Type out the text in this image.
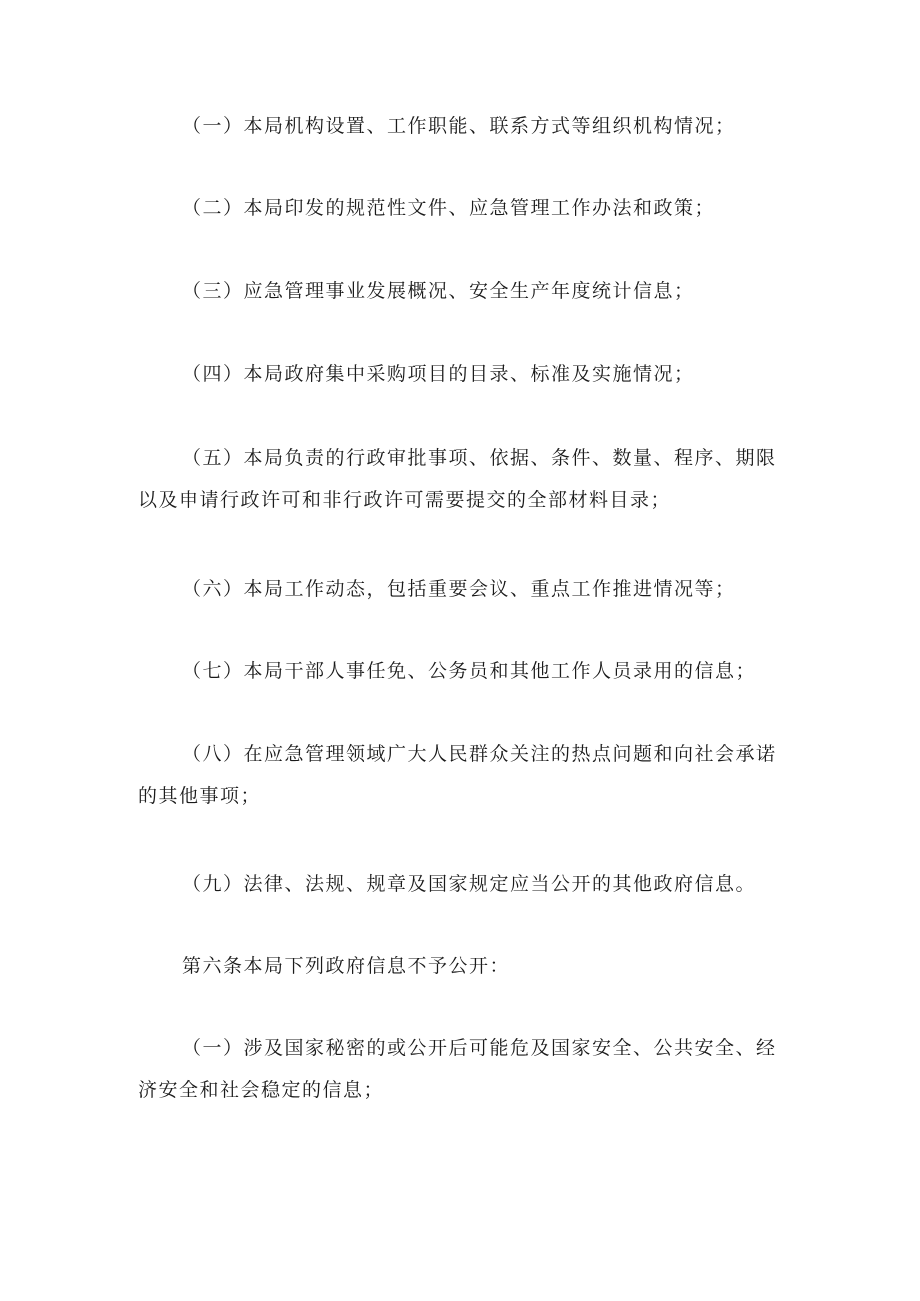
（一）本局机构设置、工作职能、联系方式等组织机构情况；

（二）本局印发的规范性文件、应急管理工作办法和政策；

（三）应急管理事业发展概况、安全生产年度统计信息；

（四）本局政府集中采购项目的目录、标准及实施情况；

（五）本局负责的行政审批事项、依据、条件、数量、程序、期限以及申请行政许可和非行政许可需要提交的全部材料目录；

（六）本局工作动态，包括重要会议、重点工作推进情况等；

（七）本局干部人事任免、公务员和其他工作人员录用的信息；

（八）在应急管理领域广大人民群众关注的热点问题和向社会承诺的其他事项；

（九）法律、法规、规章及国家规定应当公开的其他政府信息。

第六条本局下列政府信息不予公开：

（一）涉及国家秘密的或公开后可能危及国家安全、公共安全、经济安全和社会稳定的信息；
